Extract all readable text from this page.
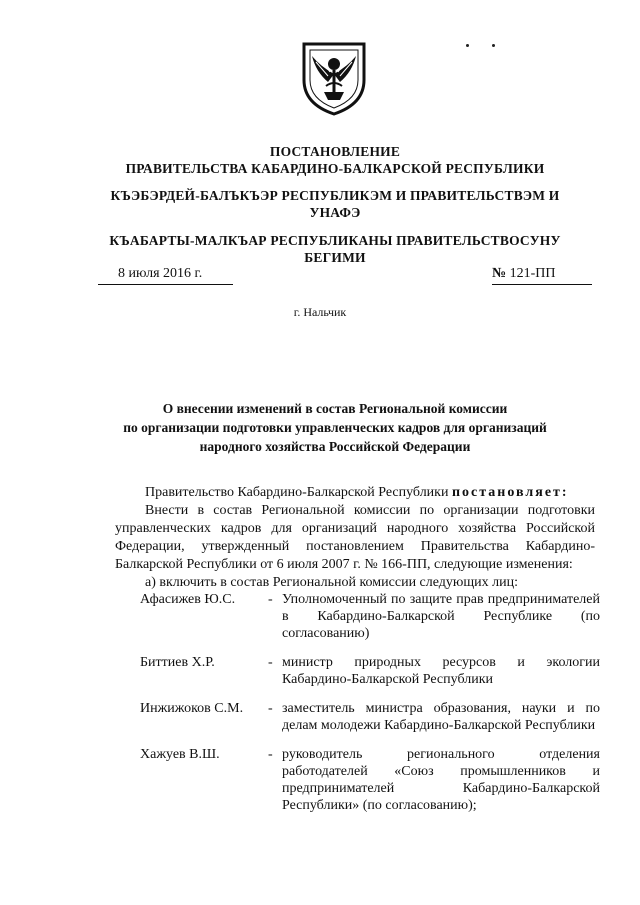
ПОСТАНОВЛЕНИЕ
ПРАВИТЕЛЬСТВА КАБАРДИНО-БАЛКАРСКОЙ РЕСПУБЛИКИ
КЪЭБЭРДЕЙ-БАЛЪКЪЭР РЕСПУБЛИКЭМ И ПРАВИТЕЛЬСТВЭМ И
УНАФЭ
КЪАБАРТЫ-МАЛКЪАР РЕСПУБЛИКАНЫ ПРАВИТЕЛЬСТВОСУНУ
БЕГИМИ
8 июля 2016 г.	№ 121-ПП
г. Нальчик
О внесении изменений в состав Региональной комиссии
по организации подготовки управленческих кадров для организаций
народного хозяйства Российской Федерации
Правительство Кабардино-Балкарской Республики постановляет:
Внести в состав Региональной комиссии по организации подготовки управленческих кадров для организаций народного хозяйства Российской Федерации, утвержденный постановлением Правительства Кабардино-Балкарской Республики от 6 июля 2007 г. № 166-ПП, следующие изменения:
а) включить в состав Региональной комиссии следующих лиц:
Афасижев Ю.С.	- Уполномоченный по защите прав предпринимателей в Кабардино-Балкарской Республике (по согласованию)
Биттиев Х.Р.	- министр природных ресурсов и экологии Кабардино-Балкарской Республики
Инжижоков С.М.	- заместитель министра образования, науки и по делам молодежи Кабардино-Балкарской Республики
Хажуев В.Ш.	- руководитель регионального отделения работодателей «Союз промышленников и предпринимателей Кабардино-Балкарской Республики» (по согласованию);
